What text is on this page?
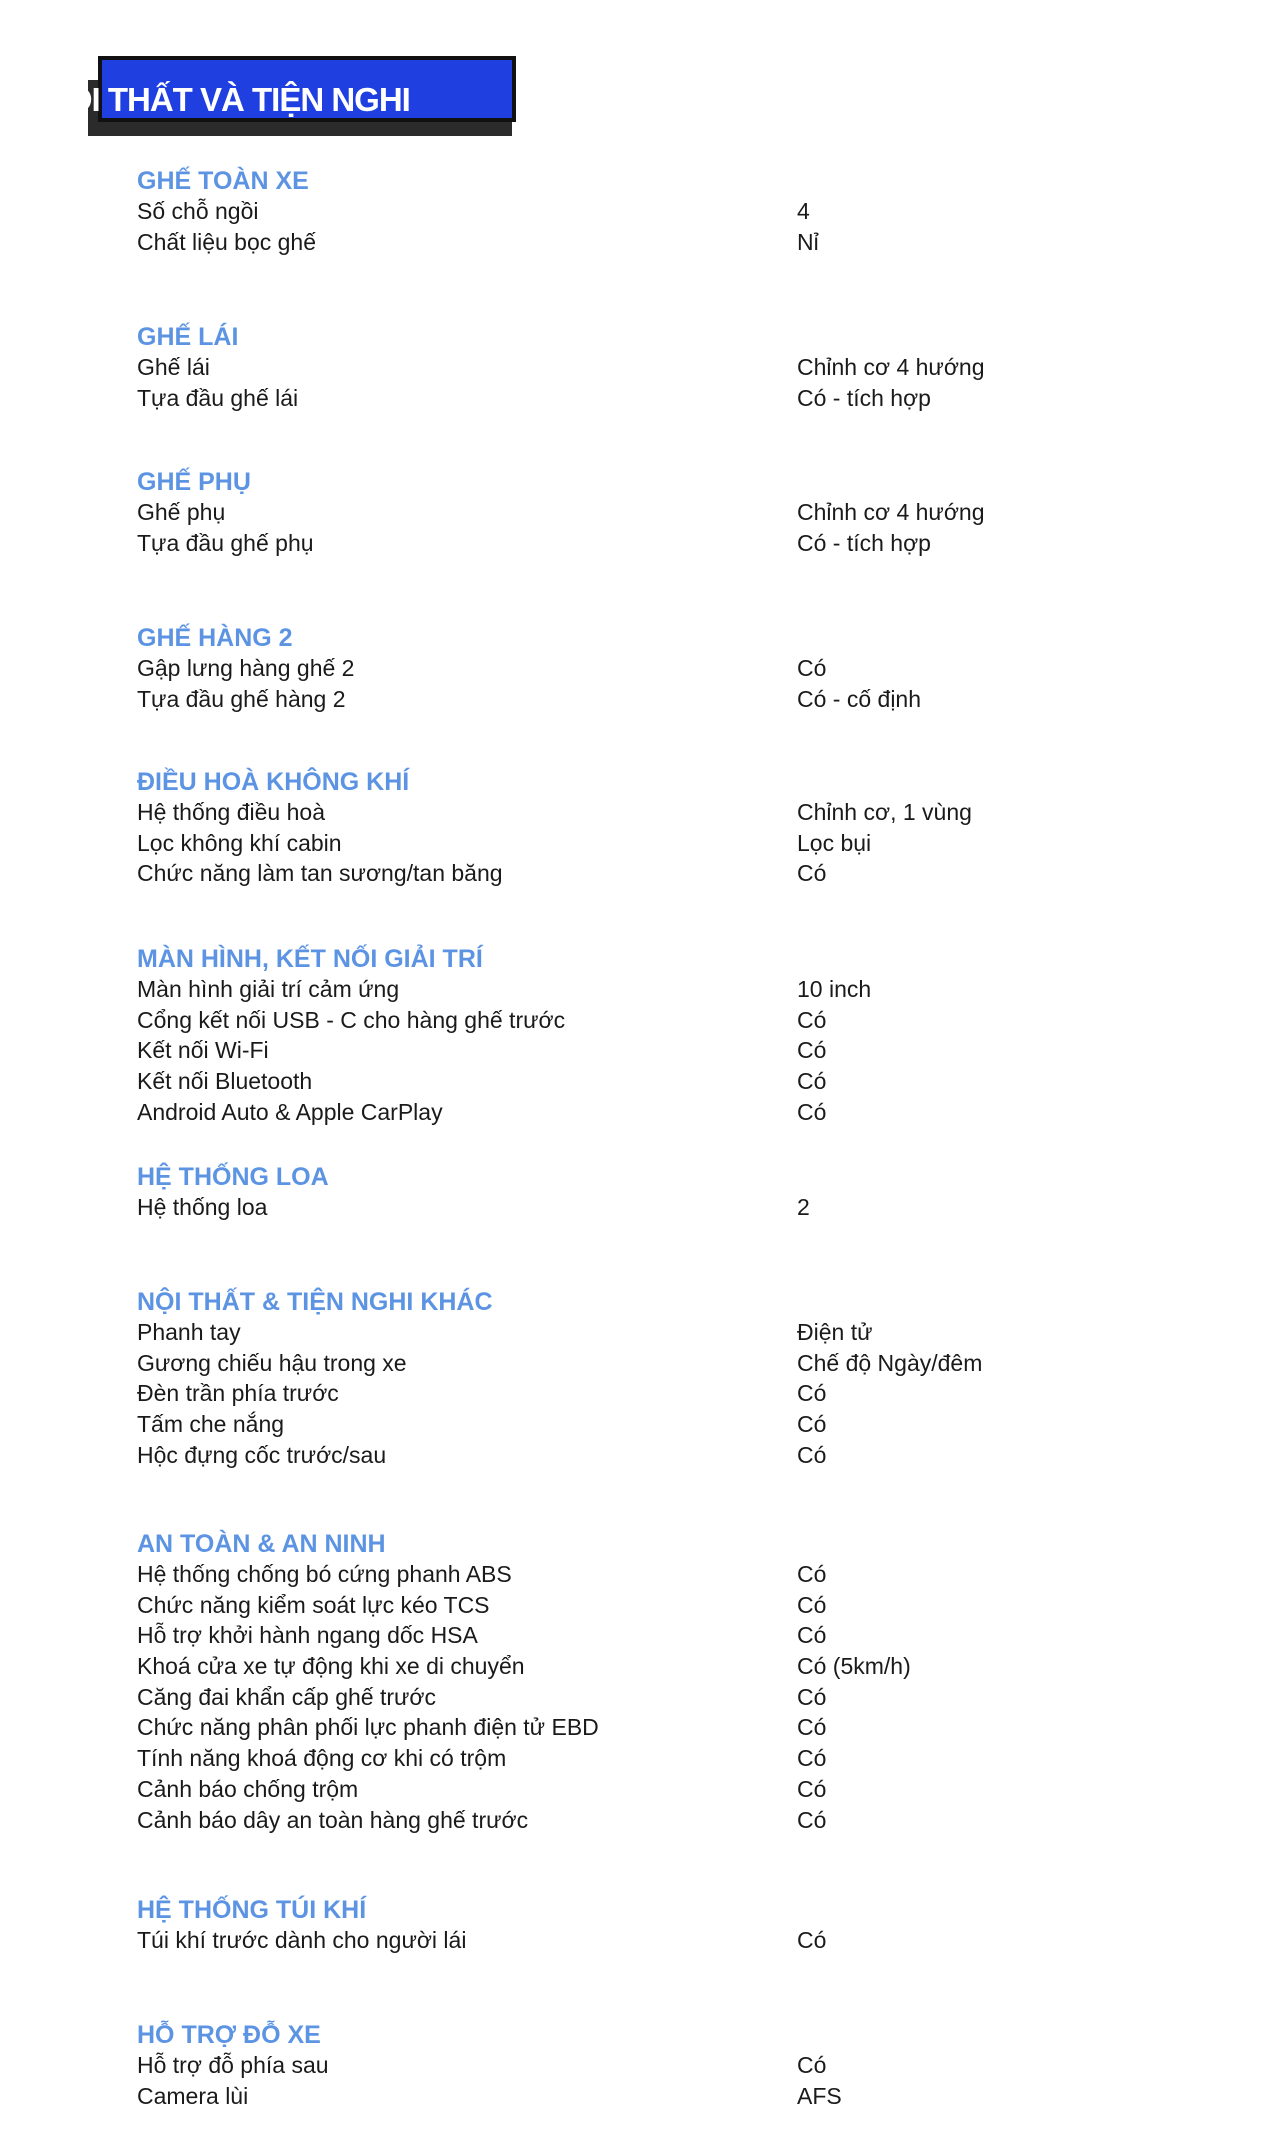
NỘI THẤT VÀ TIỆN NGHI
GHẾ TOÀN XE
Số chỗ ngồi	4
Chất liệu bọc ghế	Nỉ
GHẾ LÁI
Ghế lái	Chỉnh cơ 4 hướng
Tựa đầu ghế lái	Có - tích hợp
GHẾ PHỤ
Ghế phụ	Chỉnh cơ 4 hướng
Tựa đầu ghế phụ	Có - tích hợp
GHẾ HÀNG 2
Gập lưng hàng ghế 2	Có
Tựa đầu ghế hàng 2	Có - cố định
ĐIỀU HOÀ KHÔNG KHÍ
Hệ thống điều hoà	Chỉnh cơ, 1 vùng
Lọc không khí cabin	Lọc bụi
Chức năng làm tan sương/tan băng	Có
MÀN HÌNH, KẾT NỐI GIẢI TRÍ
Màn hình giải trí cảm ứng	10 inch
Cổng kết nối USB - C cho hàng ghế trước	Có
Kết nối Wi-Fi	Có
Kết nối Bluetooth	Có
Android Auto & Apple CarPlay	Có
HỆ THỐNG LOA
Hệ thống loa	2
NỘI THẤT & TIỆN NGHI KHÁC
Phanh tay	Điện tử
Gương chiếu hậu trong xe	Chế độ Ngày/đêm
Đèn trần phía trước	Có
Tấm che nắng	Có
Hộc đựng cốc trước/sau	Có
AN TOÀN & AN NINH
Hệ thống chống bó cứng phanh ABS	Có
Chức năng kiểm soát lực kéo TCS	Có
Hỗ trợ khởi hành ngang dốc HSA	Có
Khoá cửa xe tự động khi xe di chuyển	Có (5km/h)
Căng đai khẩn cấp ghế trước	Có
Chức năng phân phối lực phanh điện tử EBD	Có
Tính năng khoá động cơ khi có trộm	Có
Cảnh báo chống trộm	Có
Cảnh báo dây an toàn hàng ghế trước	Có
HỆ THỐNG TÚI KHÍ
Túi khí trước dành cho người lái	Có
HỖ TRỢ ĐỖ XE
Hỗ trợ đỗ phía sau	Có
Camera lùi	AFS
